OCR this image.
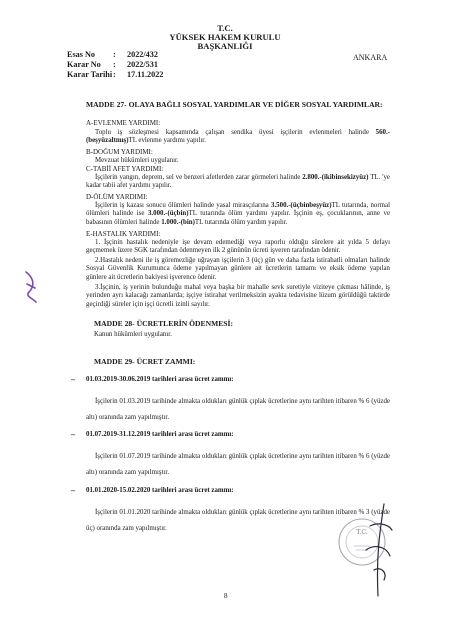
T.C.
YÜKSEK HAKEM KURULU
BAŞKANLIĞI
Esas No : 2022/432
Karar No : 2022/531
Karar Tarihi: 17.11.2022
ANKARA
MADDE 27- OLAYA BAĞLI SOSYAL YARDIMLAR VE DİĞER SOSYAL YARDIMLAR:
A-EVLENME YARDIMI:
Toplu iş sözleşmesi kapsamında çalışan sendika üyesi işçilerin evlenmeleri halinde 560.-(beşyüzaltmış)TL evlenme yardımı yapılır.
B-DOĞUM YARDIMI:
Mevzuat hükümleri uygulanır.
C-TABİİ AFET YARDIMI:
İşçilerin yangın, deprem, sel ve benzeri afetlerden zarar görmeleri halinde 2.800.-(ikibinsekizyüz) TL. 'ye kadar tabii afet yardımı yapılır.
D-ÖLÜM YARDIMI:
İşçilerin iş kazası sonucu ölümleri halinde yasal mirasçılarına 3.500.-(üçbinbeşyüz)TL tutarında, normal ölümleri halinde ise 3.000.-(üçbin)TL tutarında ölüm yardımı yapılır. İşçinin eş, çocuklarının, anne ve babasının ölümleri halinde 1.000.-(bin)TL tutarında ölüm yardım yapılır.
E-HASTALIK YARDIMI:
1. İşçinin hastalık nedeniyle işe devam edemediği veya raporlu olduğu sürelere ait yılda 5 defayı geçmemek üzere SGK tarafından ödenmeyen ilk 2 gününün ücreti işveren tarafından ödenir.
2.Hastalık nedeni ile iş göremezliğe uğrayan işçilerin 3 (üç) gün ve daha fazla istirahatli olmaları halinde Sosyal Güvenlik Kurumunca ödeme yapılmayan günlere ait ücretlerin tamamı ve eksik ödeme yapılan günlere ait ücretlerin bakiyesi işverence ödenir.
3.İşçinin, iş yerinin bulunduğu mahal veya başka bir mahalle sevk suretiyle viziteye çıkması hâlinde, iş yerinden ayrı kalacağı zamanlarda; işçiye istirahat verilmeksizin ayakta tedavisine lüzum görüldüğü taktirde geçirdiği süreler için işçi ücretli izinli sayılır.
MADDE 28- ÜCRETLERİN ÖDENMESİ:
Kanun hükümleri uygulanır.
MADDE 29- ÜCRET ZAMMI:
– 01.03.2019-30.06.2019 tarihleri arası ücret zammı:
İşçilerin 01.03.2019 tarihinde almakta oldukları günlük çıplak ücretlerine aynı tarihten itibaren % 6 (yüzde altı) oranında zam yapılmıştır.
– 01.07.2019-31.12.2019 tarihleri arası ücret zammı:
İşçilerin 01.07.2019 tarihinde almakta oldukları günlük çıplak ücretlerine aynı tarihten itibaren % 6 (yüzde altı) oranında zam yapılmıştır.
– 01.01.2020-15.02.2020 tarihleri arası ücret zammı:
İşçilerin 01.01.2020 tarihinde almakta oldukları günlük çıplak ücretlerine aynı tarihten itibaren % 3 (yüzde üç) oranında zam yapılmıştır.
T.C.
8
